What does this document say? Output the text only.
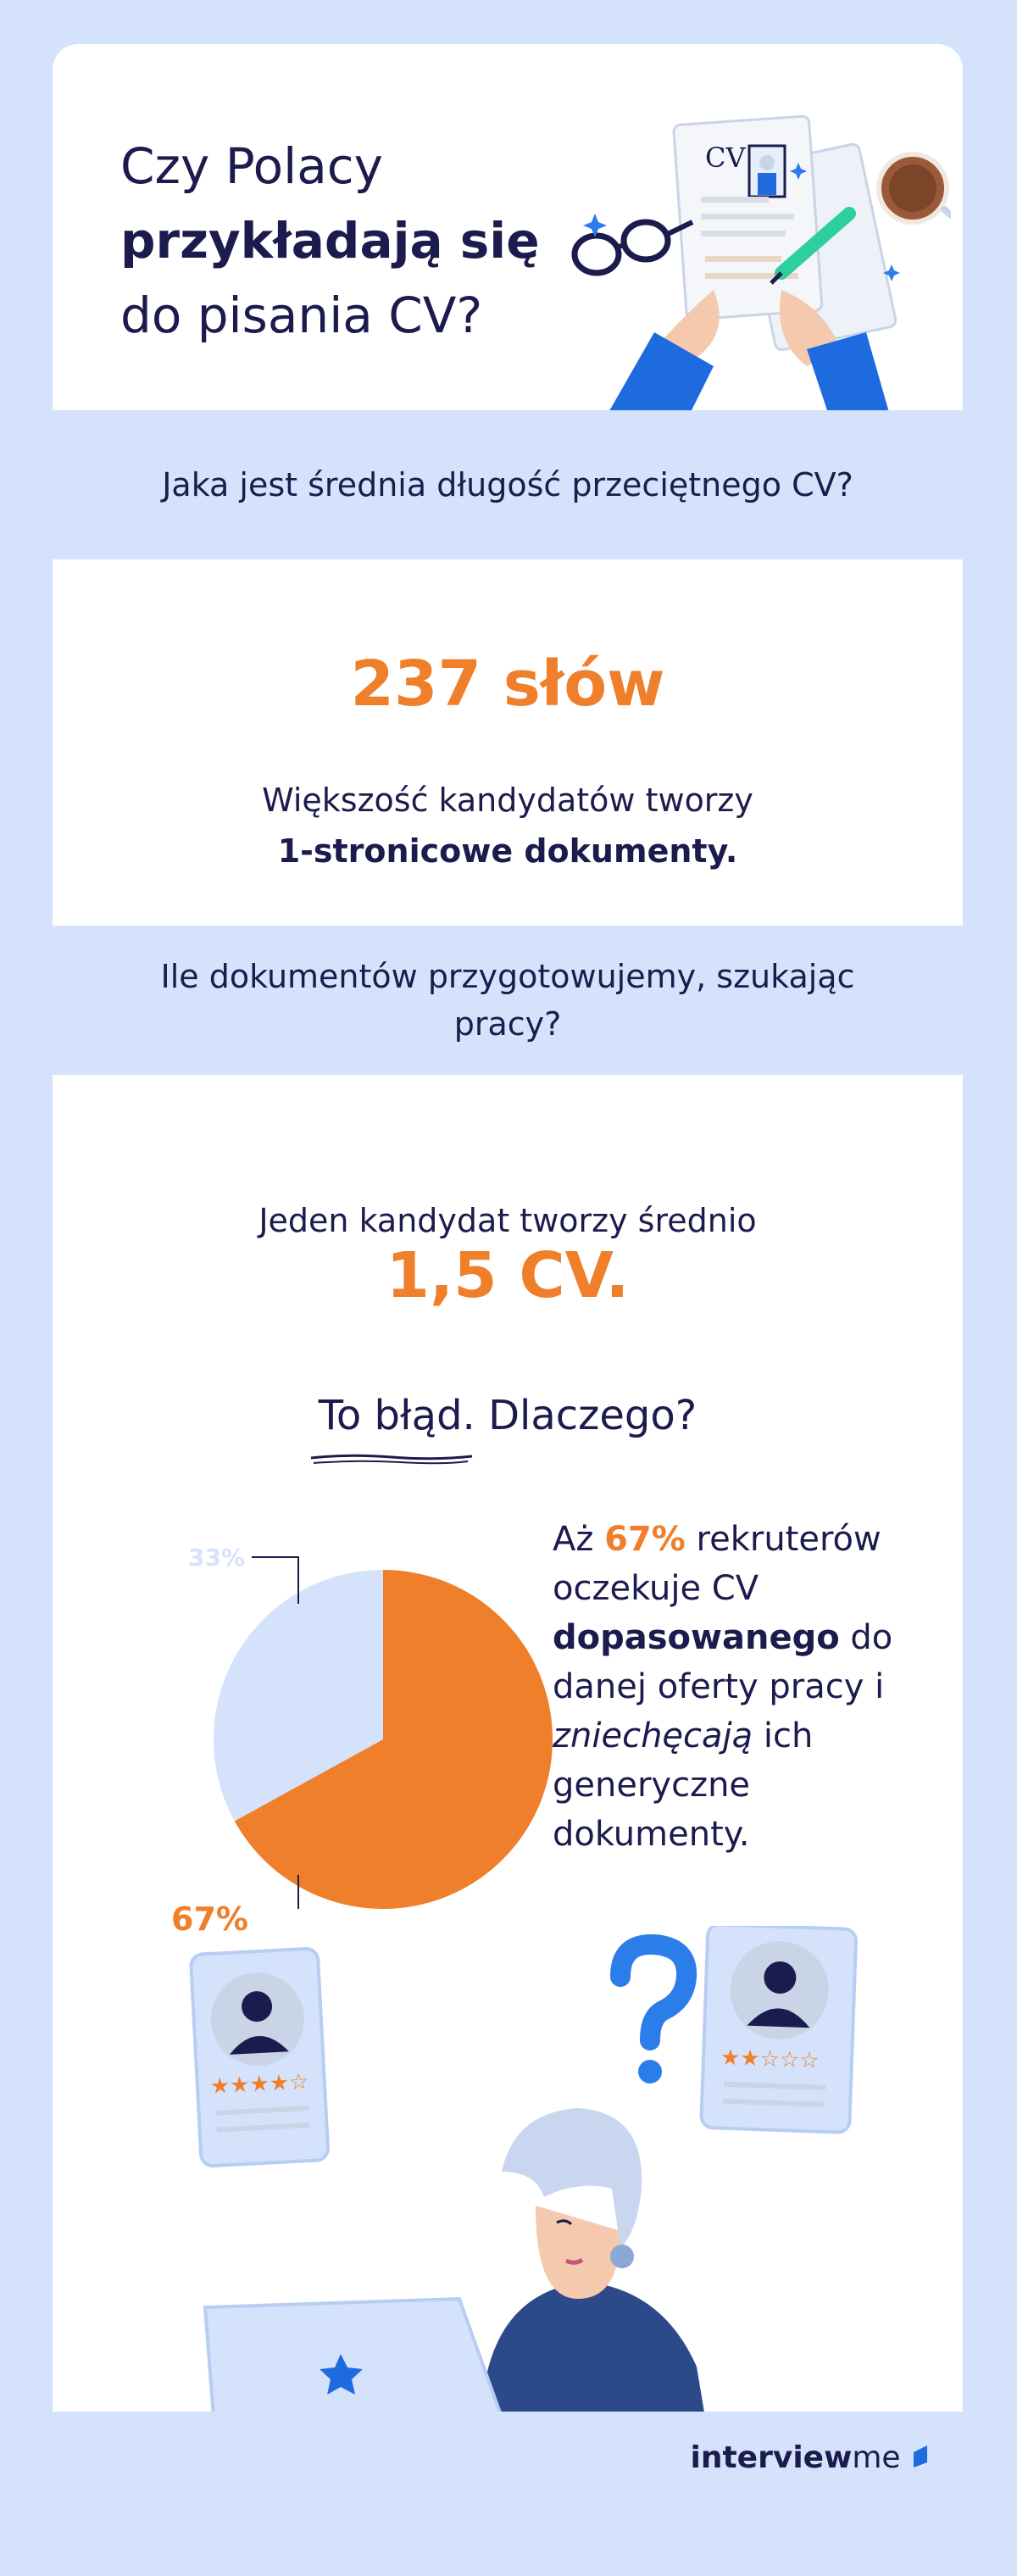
Czy Polacy
przykładają się
do pisania CV?
CV
Jaka jest średnia długość przeciętnego CV?
237 słów
Większość kandydatów tworzy
1-stronicowe dokumenty.
Ile dokumentów przygotowujemy, szukając pracy?
Jeden kandydat tworzy średnio
1,5 CV.
To błąd. Dlaczego?
33%
67%
Aż 67% rekruterów oczekuje CV dopasowanego do danej oferty pracy i zniechęcają ich generyczne dokumenty.
★★★★☆
★★☆☆☆
interviewme
